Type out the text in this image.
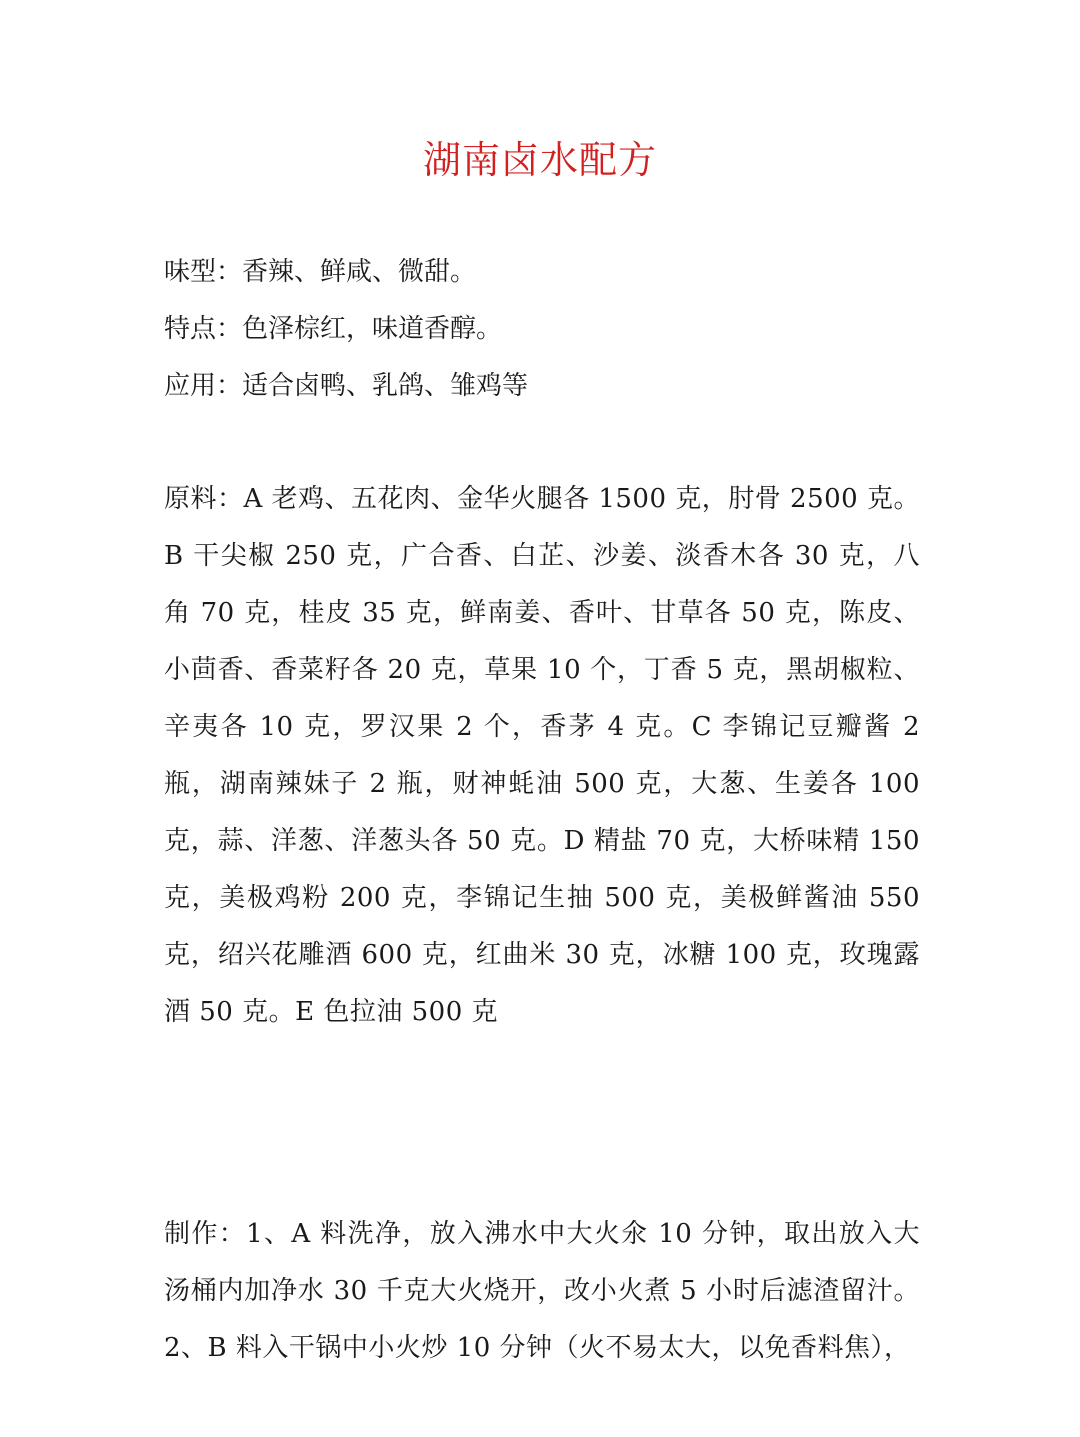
湖南卤水配方

味型：香辣、鲜咸、微甜。

特点：色泽棕红，味道香醇。

应用：适合卤鸭、乳鸽、雏鸡等

原料：A 老鸡、五花肉、金华火腿各 1500 克，肘骨 2500 克。B 干尖椒 250 克，广合香、白芷、沙姜、淡香木各 30 克，八角 70 克，桂皮 35 克，鲜南姜、香叶、甘草各 50 克，陈皮、小茴香、香菜籽各 20 克，草果 10 个，丁香 5 克，黑胡椒粒、辛夷各 10 克，罗汉果 2 个，香茅 4 克。C 李锦记豆瓣酱 2 瓶，湖南辣妹子 2 瓶，财神蚝油 500 克，大葱、生姜各 100 克，蒜、洋葱、洋葱头各 50 克。D 精盐 70 克，大桥味精 150 克，美极鸡粉 200 克，李锦记生抽 500 克，美极鲜酱油 550 克，绍兴花雕酒 600 克，红曲米 30 克，冰糖 100 克，玫瑰露酒 50 克。E 色拉油 500 克

制作：1、A 料洗净，放入沸水中大火氽 10 分钟，取出放入大汤桶内加净水 30 千克大火烧开，改小火煮 5 小时后滤渣留汁。2、B 料入干锅中小火炒 10 分钟（火不易太大，以免香料焦），
